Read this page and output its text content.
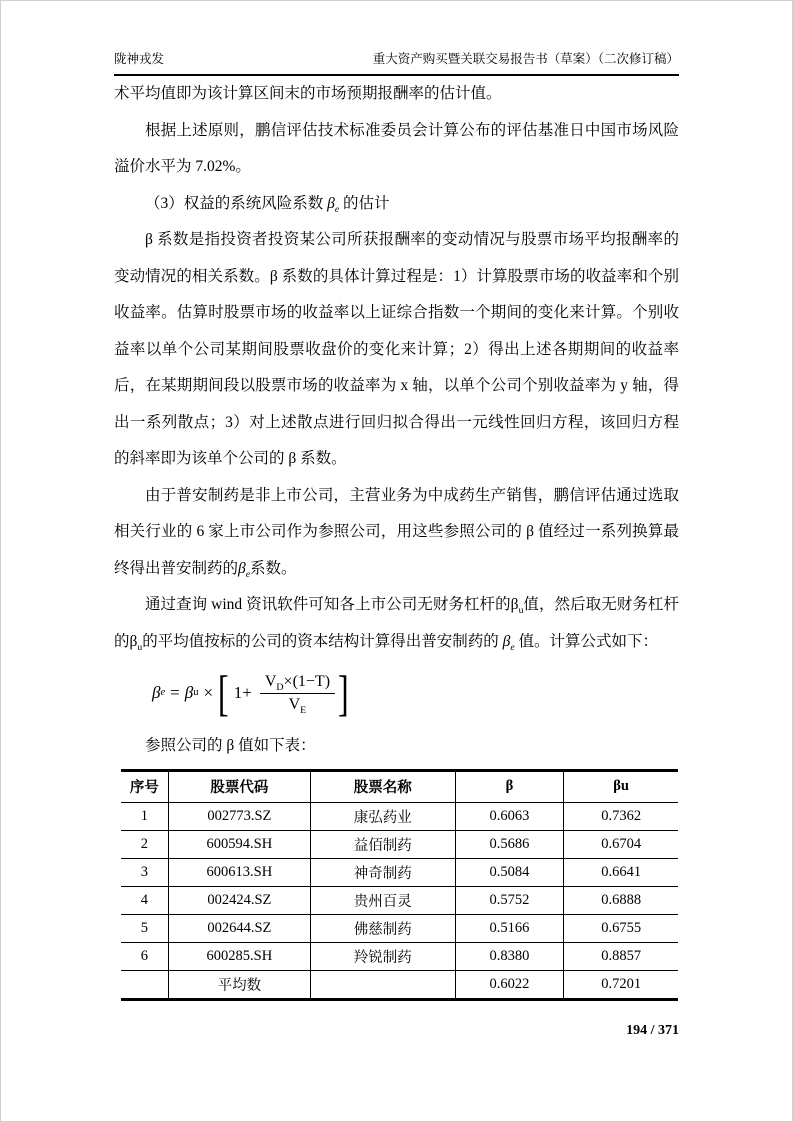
陇神戎发	重大资产购买暨关联交易报告书（草案）（二次修订稿）

术平均值即为该计算区间末的市场预期报酬率的估计值。

根据上述原则，鹏信评估技术标准委员会计算公布的评估基准日中国市场风险溢价水平为 7.02%。

（3）权益的系统风险系数 $\beta_e$ 的估计

β 系数是指投资者投资某公司所获报酬率的变动情况与股票市场平均报酬率的变动情况的相关系数。β 系数的具体计算过程是：1）计算股票市场的收益率和个别收益率。估算时股票市场的收益率以上证综合指数一个期间的变化来计算。个别收益率以单个公司某期间股票收盘价的变化来计算；2）得出上述各期期间的收益率后，在某期期间段以股票市场的收益率为 x 轴，以单个公司个别收益率为 y 轴，得出一系列散点；3）对上述散点进行回归拟合得出一元线性回归方程，该回归方程的斜率即为该单个公司的 β 系数。

由于普安制药是非上市公司，主营业务为中成药生产销售，鹏信评估通过选取相关行业的 6 家上市公司作为参照公司，用这些参照公司的 β 值经过一系列换算最终得出普安制药的$\beta_e$系数。

通过查询 wind 资讯软件可知各上市公司无财务杠杆的$\beta_u$值，然后取无财务杠杆的$\beta_u$的平均值按标的公司的资本结构计算得出普安制药的 $\beta_e$ 值。计算公式如下：

β e = β u × [ $1+ \frac{V_D\times(1-T)}{V_E}$ ]

参照公司的 β 值如下表：

序号	股票代码	股票名称	β	βu
1	002773.SZ	康弘药业	0.6063	0.7362
2	600594.SH	益佰制药	0.5686	0.6704
3	600613.SH	神奇制药	0.5084	0.6641
4	002424.SZ	贵州百灵	0.5752	0.6888
5	002644.SZ	佛慈制药	0.5166	0.6755
6	600285.SH	羚锐制药	0.8380	0.8857
	平均数		0.6022	0.7201
194 / 371
